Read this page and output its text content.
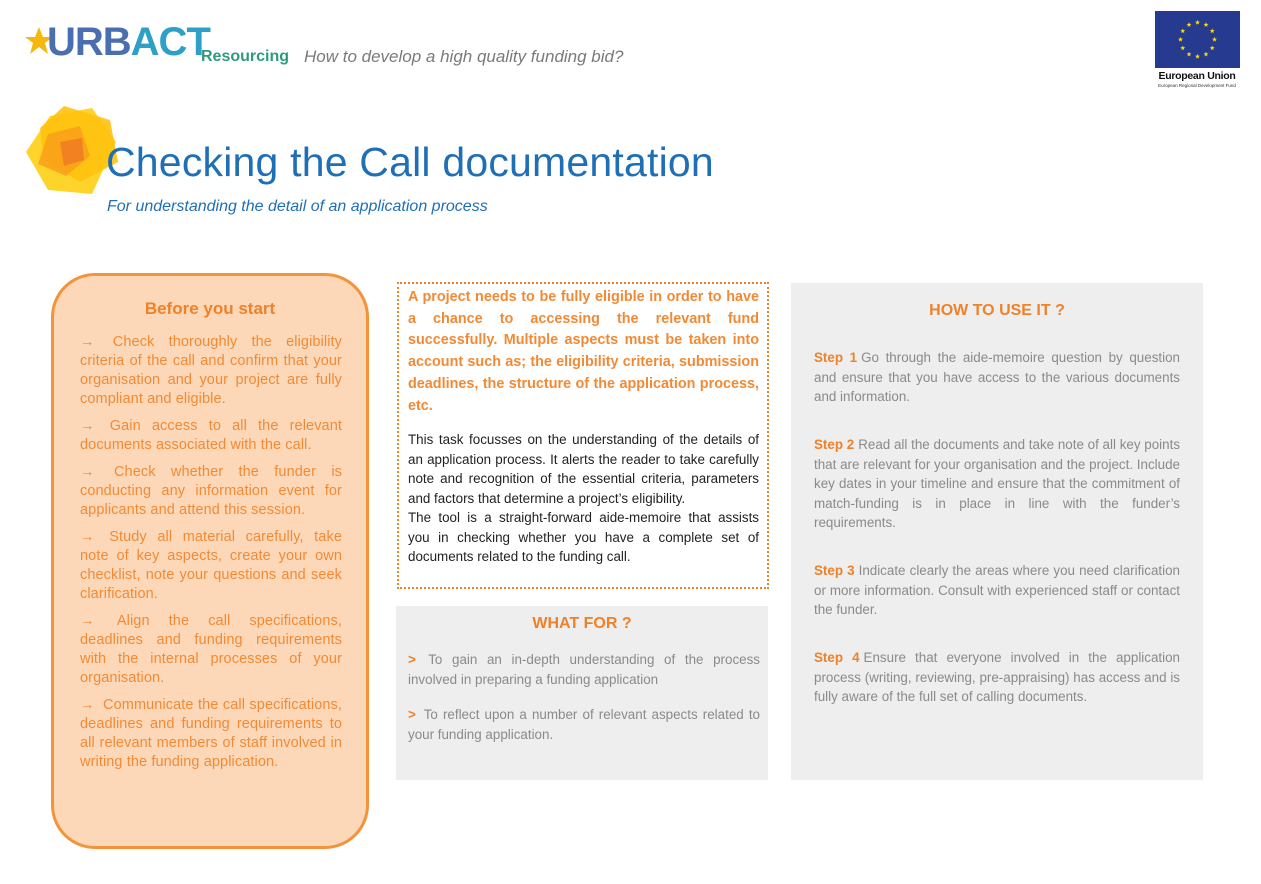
URBACT
Resourcing How to develop a high quality funding bid?
European Union
European Regional Development Fund
Checking the Call documentation
For understanding the detail of an application process
Before you start
→ Check thoroughly the eligibility criteria of the call and confirm that your organisation and your project are fully compliant and eligible.
→ Gain access to all the relevant documents associated with the call.
→ Check whether the funder is conducting any information event for applicants and attend this session.
→ Study all material carefully, take note of key aspects, create your own checklist, note your questions and seek clarification.
→ Align the call specifications, deadlines and funding requirements with the internal processes of your organisation.
→ Communicate the call specifications, deadlines and funding requirements to all relevant members of staff involved in writing the funding application.

A project needs to be fully eligible in order to have a chance to accessing the relevant fund successfully. Multiple aspects must be taken into account such as; the eligibility criteria, submission deadlines, the structure of the application process, etc.

This task focusses on the understanding of the details of an application process. It alerts the reader to take carefully note and recognition of the essential criteria, parameters and factors that determine a project’s eligibility.
The tool is a straight-forward aide-memoire that assists you in checking whether you have a complete set of documents related to the funding call.
WHAT FOR ?
> To gain an in-depth understanding of the process involved in preparing a funding application
> To reflect upon a number of relevant aspects related to your funding application.
HOW TO USE IT ?

Step 1 Go through the aide-memoire question by question and ensure that you have access to the various documents and information.

Step 2 Read all the documents and take note of all key points that are relevant for your organisation and the project. Include key dates in your timeline and ensure that the commitment of match-funding is in place in line with the funder’s requirements.

Step 3 Indicate clearly the areas where you need clarification or more information. Consult with experienced staff or contact the funder.

Step 4 Ensure that everyone involved in the application process (writing, reviewing, pre-appraising) has access and is fully aware of the full set of calling documents.
